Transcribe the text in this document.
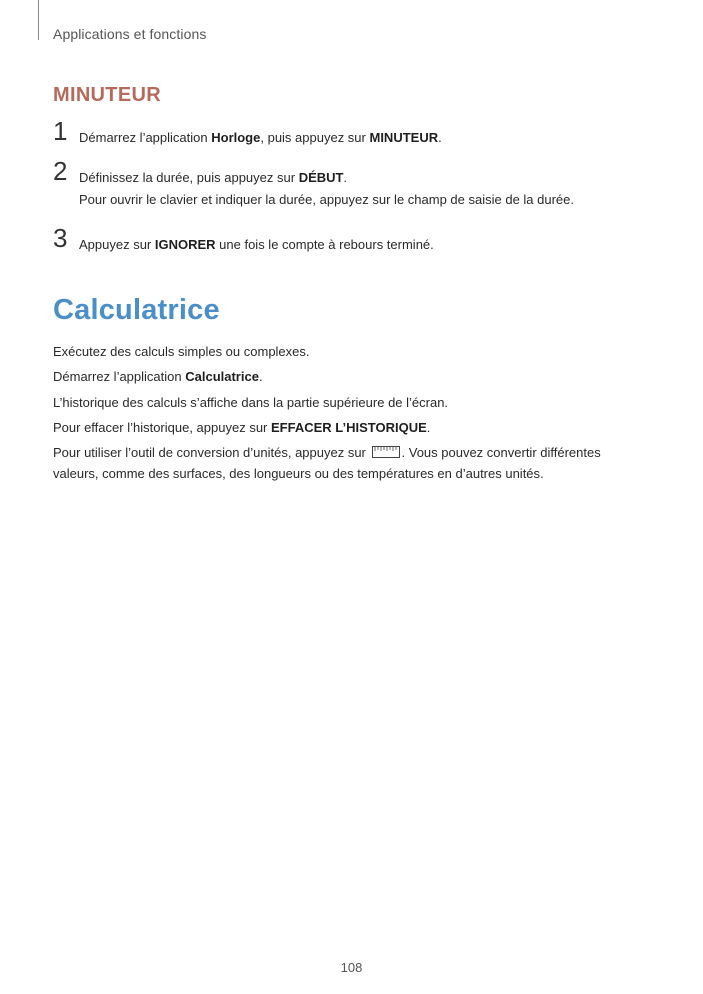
Applications et fonctions
MINUTEUR
1 Démarrez l’application Horloge, puis appuyez sur MINUTEUR.
2 Définissez la durée, puis appuyez sur DÉBUT.
Pour ouvrir le clavier et indiquer la durée, appuyez sur le champ de saisie de la durée.
3 Appuyez sur IGNORER une fois le compte à rebours terminé.
Calculatrice
Exécutez des calculs simples ou complexes.
Démarrez l’application Calculatrice.
L’historique des calculs s’affiche dans la partie supérieure de l’écran.
Pour effacer l’historique, appuyez sur EFFACER L’HISTORIQUE.
Pour utiliser l’outil de conversion d’unités, appuyez sur . Vous pouvez convertir différentes
valeurs, comme des surfaces, des longueurs ou des températures en d’autres unités.
108
